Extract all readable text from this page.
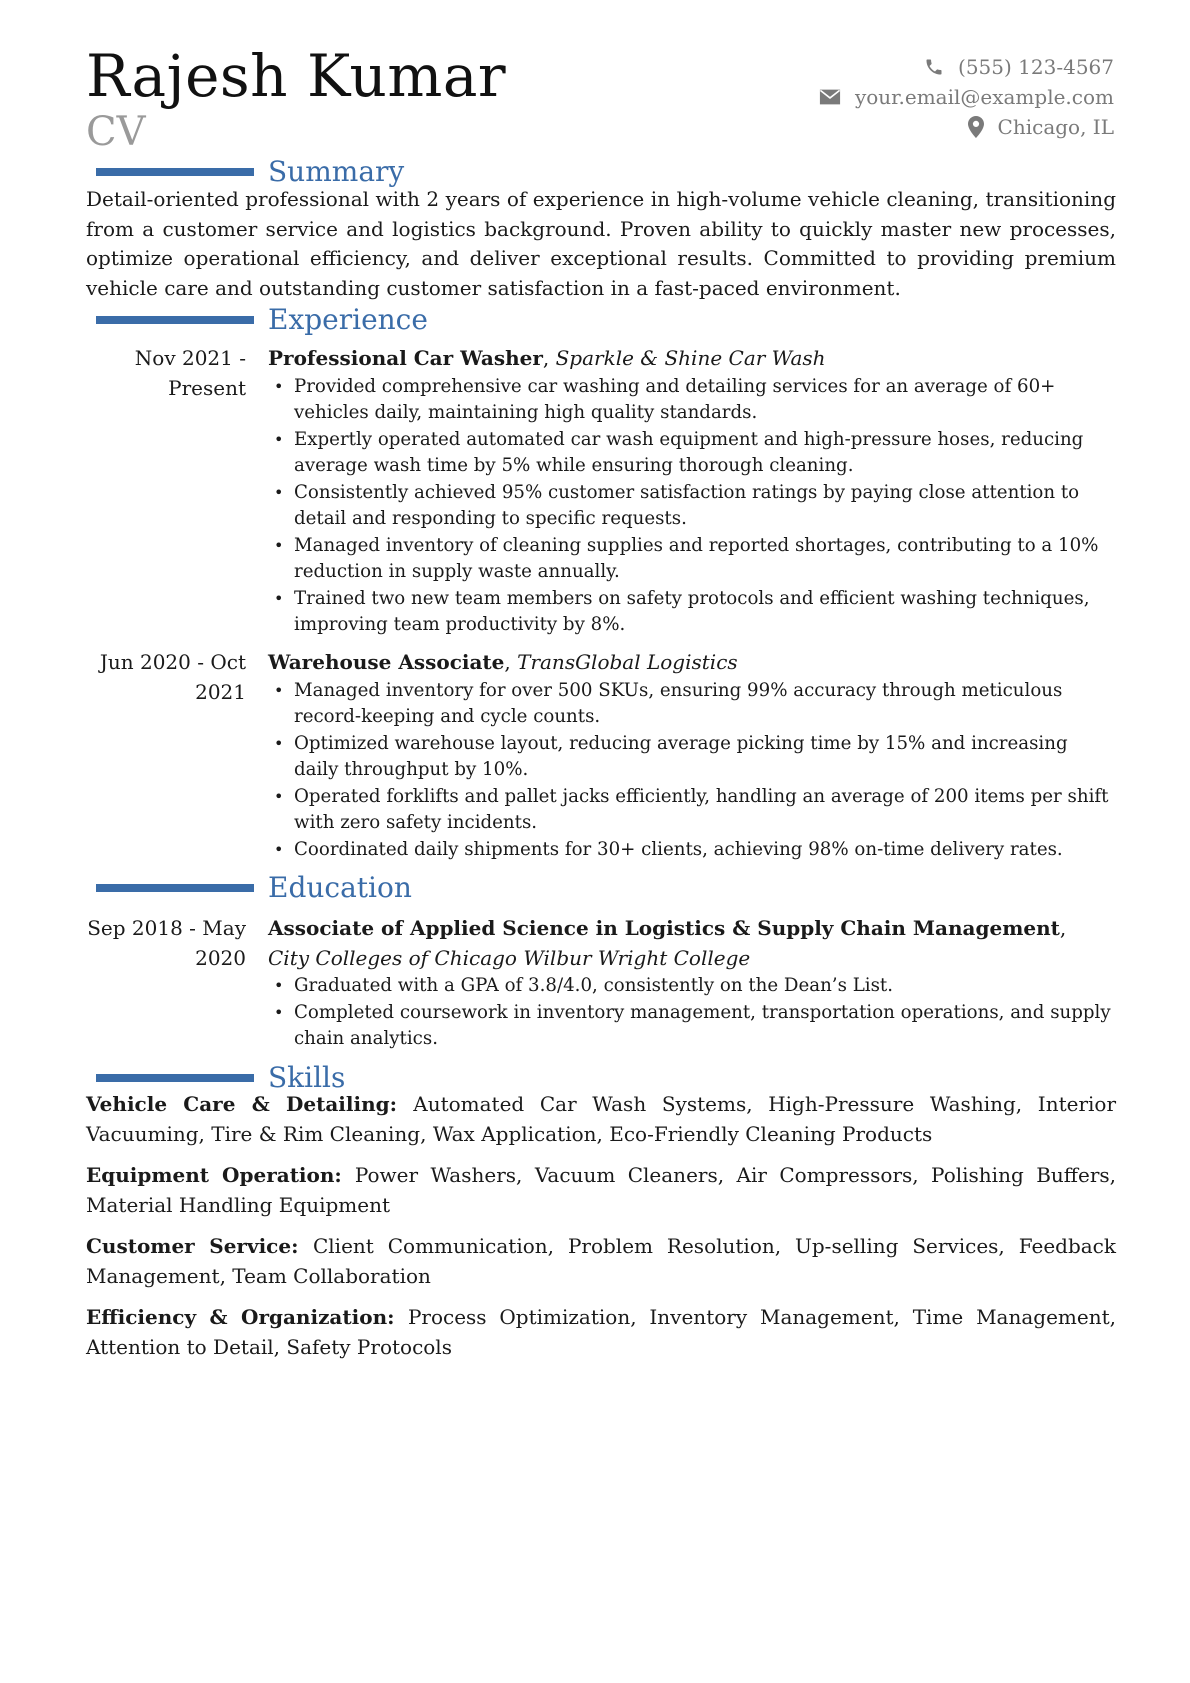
Rajesh Kumar
CV
(555) 123-4567
your.email@example.com
Chicago, IL
Summary
Detail-oriented professional with 2 years of experience in high-volume vehicle cleaning, transitioning from a customer service and logistics background. Proven ability to quickly master new processes, optimize operational efficiency, and deliver exceptional results. Committed to providing premium vehicle care and outstanding customer satisfaction in a fast-paced environment.
Experience
Nov 2021 -
Present
Professional Car Washer, Sparkle & Shine Car Wash
• Provided comprehensive car washing and detailing services for an average of 60+ vehicles daily, maintaining high quality standards.
• Expertly operated automated car wash equipment and high-pressure hoses, reducing average wash time by 5% while ensuring thorough cleaning.
• Consistently achieved 95% customer satisfaction ratings by paying close attention to detail and responding to specific requests.
• Managed inventory of cleaning supplies and reported shortages, contributing to a 10% reduction in supply waste annually.
• Trained two new team members on safety protocols and efficient washing techniques, improving team productivity by 8%.
Jun 2020 - Oct
2021
Warehouse Associate, TransGlobal Logistics
• Managed inventory for over 500 SKUs, ensuring 99% accuracy through meticulous record-keeping and cycle counts.
• Optimized warehouse layout, reducing average picking time by 15% and increasing daily throughput by 10%.
• Operated forklifts and pallet jacks efficiently, handling an average of 200 items per shift with zero safety incidents.
• Coordinated daily shipments for 30+ clients, achieving 98% on-time delivery rates.
Education
Sep 2018 - May
2020
Associate of Applied Science in Logistics & Supply Chain Management,
City Colleges of Chicago Wilbur Wright College
• Graduated with a GPA of 3.8/4.0, consistently on the Dean’s List.
• Completed coursework in inventory management, transportation operations, and supply chain analytics.
Skills
Vehicle Care & Detailing: Automated Car Wash Systems, High-Pressure Washing, Interior Vacuuming, Tire & Rim Cleaning, Wax Application, Eco-Friendly Cleaning Products
Equipment Operation: Power Washers, Vacuum Cleaners, Air Compressors, Polishing Buffers, Material Handling Equipment
Customer Service: Client Communication, Problem Resolution, Up-selling Services, Feedback Management, Team Collaboration
Efficiency & Organization: Process Optimization, Inventory Management, Time Management, Attention to Detail, Safety Protocols
